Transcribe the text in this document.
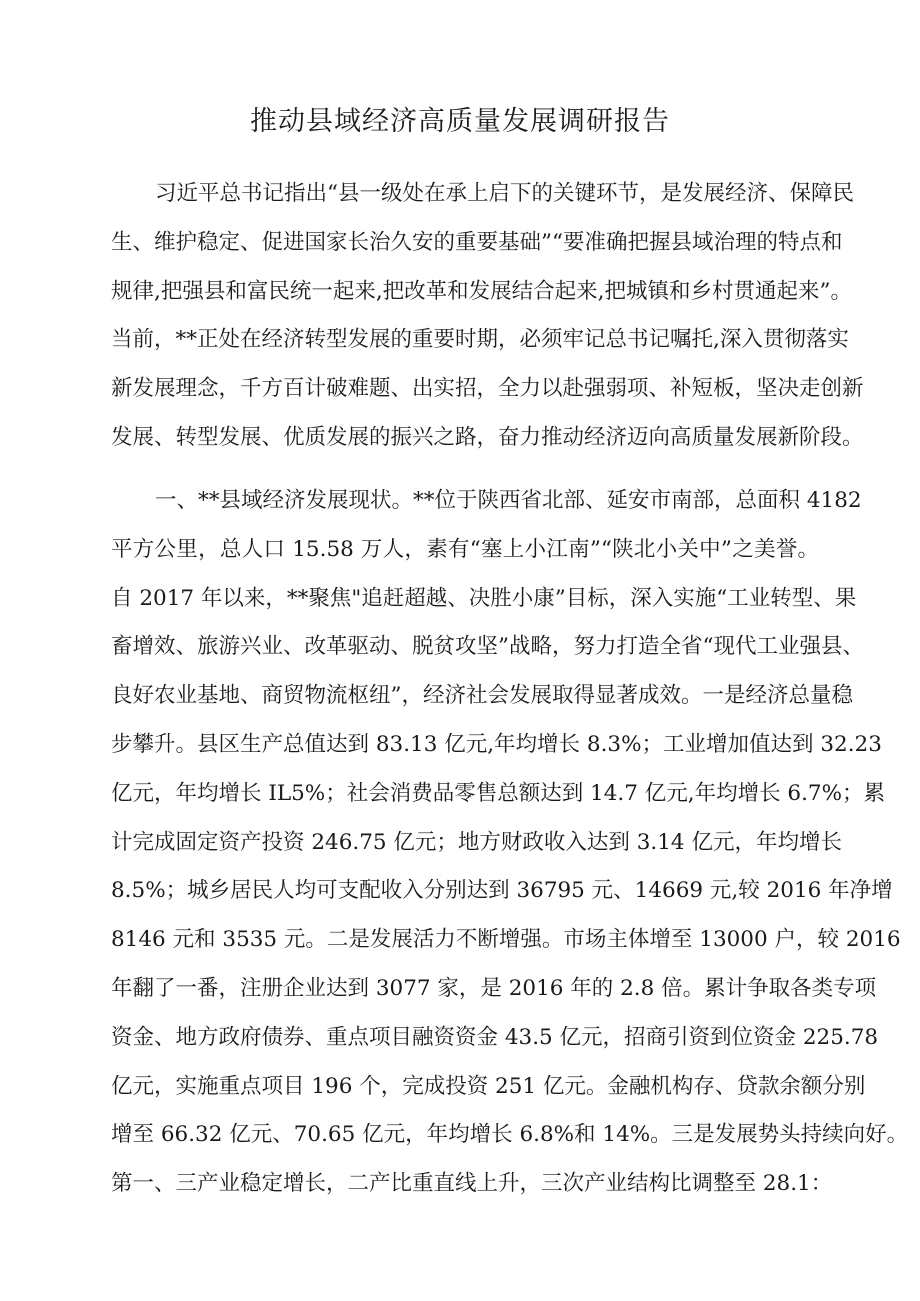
推动县域经济高质量发展调研报告
习近平总书记指出“县一级处在承上启下的关键环节，是发展经济、保障民
生、维护稳定、促进国家长治久安的重要基础”“要准确把握县域治理的特点和
规律,把强县和富民统一起来,把改革和发展结合起来,把城镇和乡村贯通起来”。
当前，**正处在经济转型发展的重要时期，必须牢记总书记嘱托,深入贯彻落实
新发展理念，千方百计破难题、出实招，全力以赴强弱项、补短板，坚决走创新
发展、转型发展、优质发展的振兴之路，奋力推动经济迈向高质量发展新阶段。
一、**县域经济发展现状。**位于陕西省北部、延安市南部，总面积 4182
平方公里，总人口 15.58 万人，素有“塞上小江南”“陕北小关中”之美誉。
自 2017 年以来，**聚焦"追赶超越、决胜小康”目标，深入实施“工业转型、果
畜增效、旅游兴业、改革驱动、脱贫攻坚”战略，努力打造全省“现代工业强县、
良好农业基地、商贸物流枢纽”，经济社会发展取得显著成效。一是经济总量稳
步攀升。县区生产总值达到 83.13 亿元,年均增长 8.3%；工业增加值达到 32.23
亿元，年均增长 IL5%；社会消费品零售总额达到 14.7 亿元,年均增长 6.7%；累
计完成固定资产投资 246.75 亿元；地方财政收入达到 3.14 亿元，年均增长
8.5%；城乡居民人均可支配收入分别达到 36795 元、14669 元,较 2016 年净增
8146 元和 3535 元。二是发展活力不断增强。市场主体增至 13000 户，较 2016
年翻了一番，注册企业达到 3077 家，是 2016 年的 2.8 倍。累计争取各类专项
资金、地方政府债券、重点项目融资资金 43.5 亿元，招商引资到位资金 225.78
亿元，实施重点项目 196 个，完成投资 251 亿元。金融机构存、贷款余额分别
增至 66.32 亿元、70.65 亿元，年均增长 6.8%和 14%。三是发展势头持续向好。
第一、三产业稳定增长，二产比重直线上升，三次产业结构比调整至 28.1：
